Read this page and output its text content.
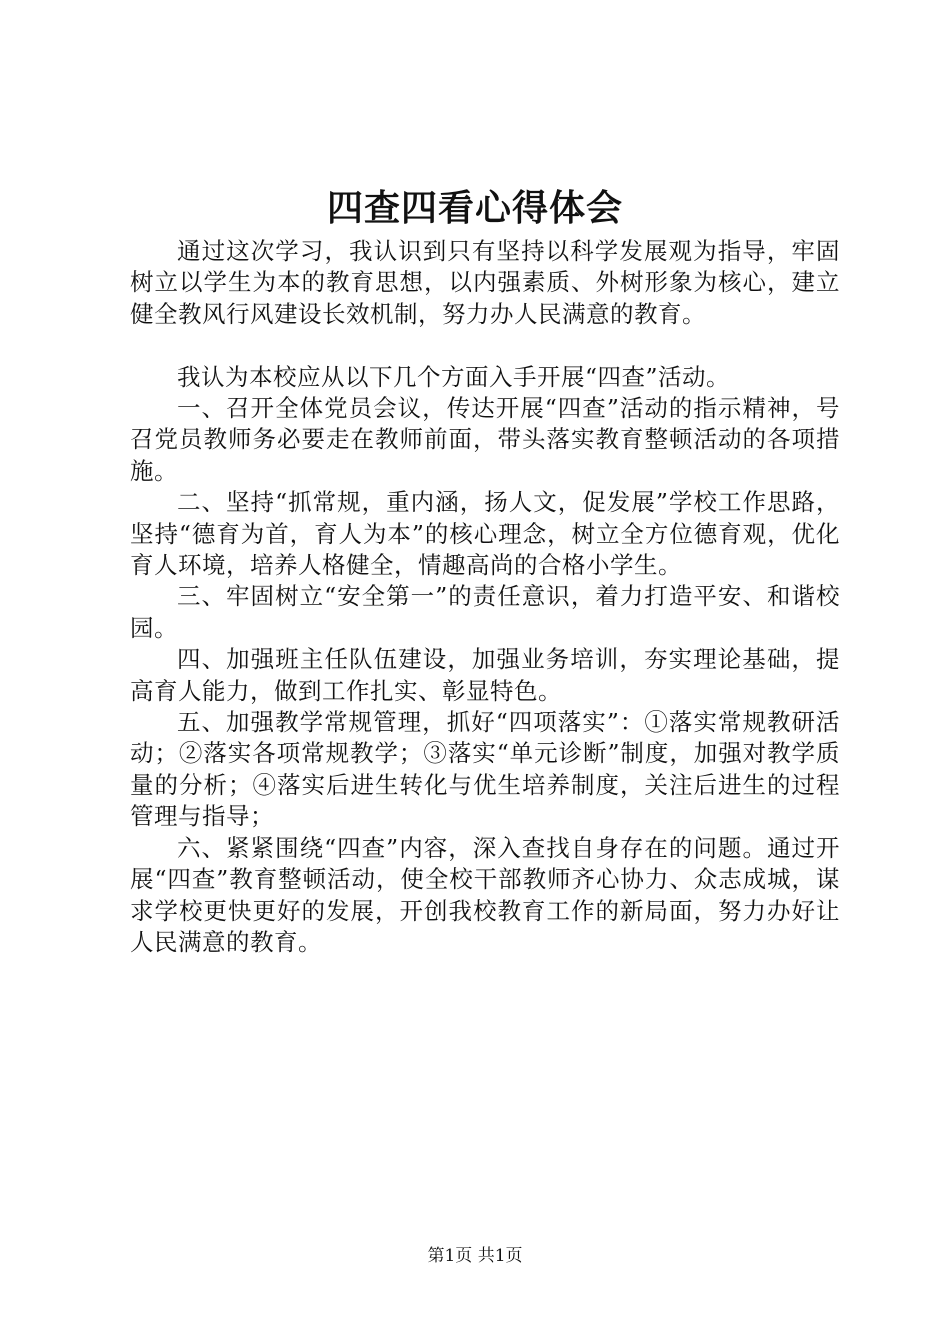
四查四看心得体会

通过这次学习，我认识到只有坚持以科学发展观为指导，牢固树立以学生为本的教育思想，以内强素质、外树形象为核心，建立健全教风行风建设长效机制，努力办人民满意的教育。

我认为本校应从以下几个方面入手开展“四查”活动。

一、召开全体党员会议，传达开展“四查”活动的指示精神，号召党员教师务必要走在教师前面，带头落实教育整顿活动的各项措施。

二、坚持“抓常规，重内涵，扬人文，促发展”学校工作思路，坚持“德育为首，育人为本”的核心理念，树立全方位德育观，优化育人环境，培养人格健全，情趣高尚的合格小学生。

三、牢固树立“安全第一”的责任意识，着力打造平安、和谐校园。

四、加强班主任队伍建设，加强业务培训，夯实理论基础，提高育人能力，做到工作扎实、彰显特色。

五、加强教学常规管理，抓好“四项落实”：①落实常规教研活动；②落实各项常规教学；③落实“单元诊断”制度，加强对教学质量的分析；④落实后进生转化与优生培养制度，关注后进生的过程管理与指导；

六、紧紧围绕“四查”内容，深入查找自身存在的问题。通过开展“四查”教育整顿活动，使全校干部教师齐心协力、众志成城，谋求学校更快更好的发展，开创我校教育工作的新局面，努力办好让人民满意的教育。

第1页 共1页
